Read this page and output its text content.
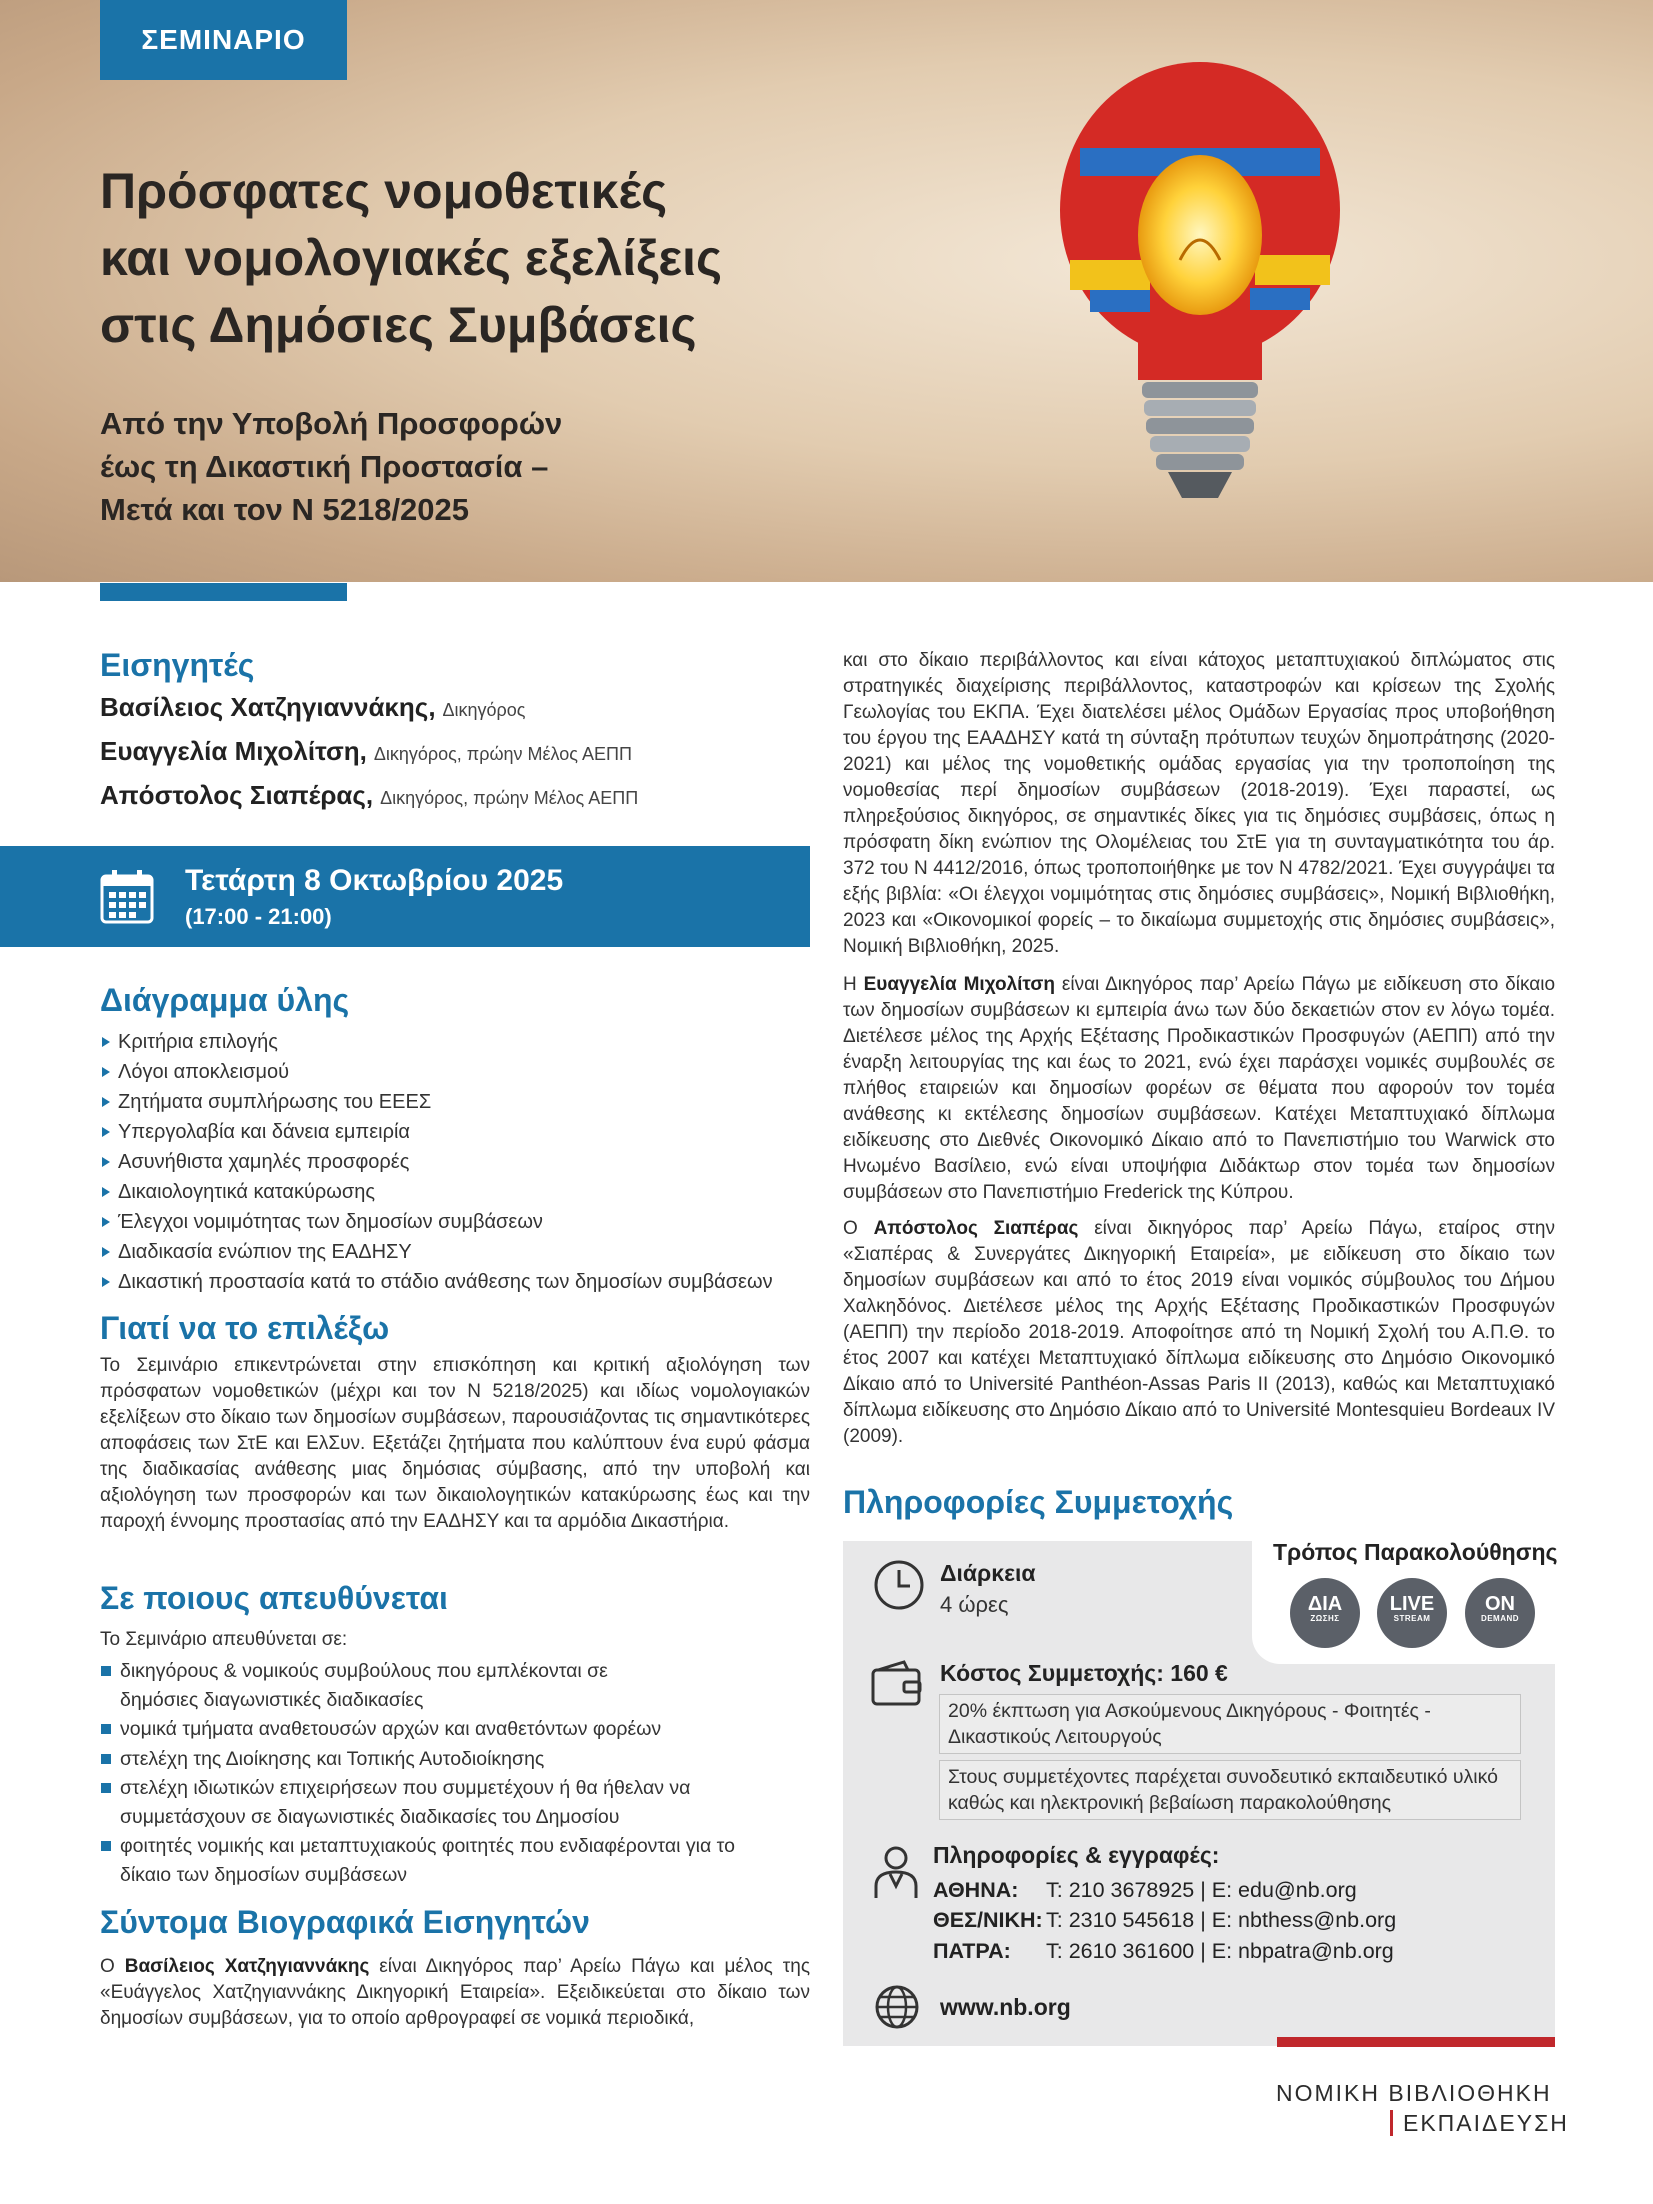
ΣΕΜΙΝΑΡΙΟ
Πρόσφατες νομοθετικές
και νομολογιακές εξελίξεις
στις Δημόσιες Συμβάσεις
Από την Υποβολή Προσφορών
έως τη Δικαστική Προστασία –
Μετά και τον Ν 5218/2025
Εισηγητές
Βασίλειος Χατζηγιαννάκης, Δικηγόρος
Ευαγγελία Μιχολίτση, Δικηγόρος, πρώην Μέλος ΑΕΠΠ
Απόστολος Σιαπέρας, Δικηγόρος, πρώην Μέλος ΑΕΠΠ
Τετάρτη 8 Οκτωβρίου 2025
(17:00 - 21:00)
Διάγραμμα ύλης
Κριτήρια επιλογής
Λόγοι αποκλεισμού
Ζητήματα συμπλήρωσης του ΕΕΕΣ
Υπεργολαβία και δάνεια εμπειρία
Ασυνήθιστα χαμηλές προσφορές
Δικαιολογητικά κατακύρωσης
Έλεγχοι νομιμότητας των δημοσίων συμβάσεων
Διαδικασία ενώπιον της ΕΑΔΗΣΥ
Δικαστική προστασία κατά το στάδιο ανάθεσης των δημοσίων συμβάσεων
Γιατί να το επιλέξω

Το Σεμινάριο επικεντρώνεται στην επισκόπηση και κριτική αξιολόγηση των πρόσφατων νομοθετικών (μέχρι και τον Ν 5218/2025) και ιδίως νομολογιακών εξελίξεων στο δίκαιο των δημοσίων συμβάσεων, παρουσιάζοντας τις σημαντικότερες αποφάσεις των ΣτΕ και ΕλΣυν. Εξετάζει ζητήματα που καλύπτουν ένα ευρύ φάσμα της διαδικασίας ανάθεσης μιας δημόσιας σύμβασης, από την υποβολή και αξιολόγηση των προσφορών και των δικαιολογητικών κατακύρωσης έως και την παροχή έννομης προστασίας από την ΕΑΔΗΣΥ και τα αρμόδια Δικαστήρια.

Σε ποιους απευθύνεται

Το Σεμινάριο απευθύνεται σε:

δικηγόρους & νομικούς συμβούλους που εμπλέκονται σε δημόσιες διαγωνιστικές διαδικασίες
νομικά τμήματα αναθετουσών αρχών και αναθετόντων φορέων
στελέχη της Διοίκησης και Τοπικής Αυτοδιοίκησης
στελέχη ιδιωτικών επιχειρήσεων που συμμετέχουν ή θα ήθελαν να συμμετάσχουν σε διαγωνιστικές διαδικασίες του Δημοσίου
φοιτητές νομικής και μεταπτυχιακούς φοιτητές που ενδιαφέρονται για το δίκαιο των δημοσίων συμβάσεων
Σύντομα Βιογραφικά Εισηγητών

Ο Βασίλειος Χατζηγιαννάκης είναι Δικηγόρος παρ’ Αρείω Πάγω και μέλος της «Ευάγγελος Χατζηγιαννάκης Δικηγορική Εταιρεία». Εξειδικεύεται στο δίκαιο των δημοσίων συμβάσεων, για το οποίο αρθρογραφεί σε νομικά περιοδικά,

και στο δίκαιο περιβάλλοντος και είναι κάτοχος μεταπτυχιακού διπλώματος στις στρατηγικές διαχείρισης περιβάλλοντος, καταστροφών και κρίσεων της Σχολής Γεωλογίας του ΕΚΠΑ. Έχει διατελέσει μέλος Ομάδων Εργασίας προς υποβοήθηση του έργου της ΕΑΑΔΗΣΥ κατά τη σύνταξη πρότυπων τευχών δημοπράτησης (2020-2021) και μέλος της νομοθετικής ομάδας εργασίας για την τροποποίηση της νομοθεσίας περί δημοσίων συμβάσεων (2018-2019). Έχει παραστεί, ως πληρεξούσιος δικηγόρος, σε σημαντικές δίκες για τις δημόσιες συμβάσεις, όπως η πρόσφατη δίκη ενώπιον της Ολομέλειας του ΣτΕ για τη συνταγματικότητα του άρ. 372 του Ν 4412/2016, όπως τροποποιήθηκε με τον Ν 4782/2021. Έχει συγγράψει τα εξής βιβλία: «Οι έλεγχοι νομιμότητας στις δημόσιες συμβάσεις», Νομική Βιβλιοθήκη, 2023 και «Οικονομικοί φορείς – το δικαίωμα συμμετοχής στις δημόσιες συμβάσεις», Νομική Βιβλιοθήκη, 2025.

Η Ευαγγελία Μιχολίτση είναι Δικηγόρος παρ’ Αρείω Πάγω με ειδίκευση στο δίκαιο των δημοσίων συμβάσεων κι εμπειρία άνω των δύο δεκαετιών στον εν λόγω τομέα. Διετέλεσε μέλος της Αρχής Εξέτασης Προδικαστικών Προσφυγών (ΑΕΠΠ) από την έναρξη λειτουργίας της και έως το 2021, ενώ έχει παράσχει νομικές συμβουλές σε πλήθος εταιρειών και δημοσίων φορέων σε θέματα που αφορούν τον τομέα ανάθεσης κι εκτέλεσης δημοσίων συμβάσεων. Κατέχει Μεταπτυχιακό δίπλωμα ειδίκευσης στο Διεθνές Οικονομικό Δίκαιο από το Πανεπιστήμιο του Warwick στο Ηνωμένο Βασίλειο, ενώ είναι υποψήφια Διδάκτωρ στον τομέα των δημοσίων συμβάσεων στο Πανεπιστήμιο Frederick της Κύπρου.

Ο Απόστολος Σιαπέρας είναι δικηγόρος παρ’ Αρείω Πάγω, εταίρος στην «Σιαπέρας & Συνεργάτες Δικηγορική Εταιρεία», με ειδίκευση στο δίκαιο των δημοσίων συμβάσεων και από το έτος 2019 είναι νομικός σύμβουλος του Δήμου Χαλκηδόνος. Διετέλεσε μέλος της Αρχής Εξέτασης Προδικαστικών Προσφυγών (ΑΕΠΠ) την περίοδο 2018-2019. Αποφοίτησε από τη Νομική Σχολή του Α.Π.Θ. το έτος 2007 και κατέχει Μεταπτυχιακό δίπλωμα ειδίκευσης στο Δημόσιο Οικονομικό Δίκαιο από το Université Panthéon-Assas Paris II (2013), καθώς και Μεταπτυχιακό δίπλωμα ειδίκευσης στο Δημόσιο Δίκαιο από το Université Montesquieu Bordeaux IV (2009).

Πληροφορίες Συμμετοχής
Τρόπος Παρακολούθησης
ΔΙΑ
ΖΩΣΗΣ
LIVE
STREAM
ON
DEMAND
Διάρκεια
4 ώρες
Κόστος Συμμετοχής: 160 €
20% έκπτωση για Ασκούμενους Δικηγόρους - Φοιτητές - Δικαστικούς Λειτουργούς
Στους συμμετέχοντες παρέχεται συνοδευτικό εκπαιδευτικό υλικό καθώς και ηλεκτρονική βεβαίωση παρακολούθησης
Πληροφορίες & εγγραφές:
ΑΘΗΝΑ: T: 210 3678925 | E: edu@nb.org
ΘΕΣ/ΝΙΚΗ: T: 2310 545618 | E: nbthess@nb.org
ΠΑΤΡΑ: T: 2610 361600 | E: nbpatra@nb.org
www.nb.org
ΝΟΜΙΚΗ ΒΙΒΛΙΟΘΗΚΗ
ΕΚΠΑΙΔΕΥΣΗ
